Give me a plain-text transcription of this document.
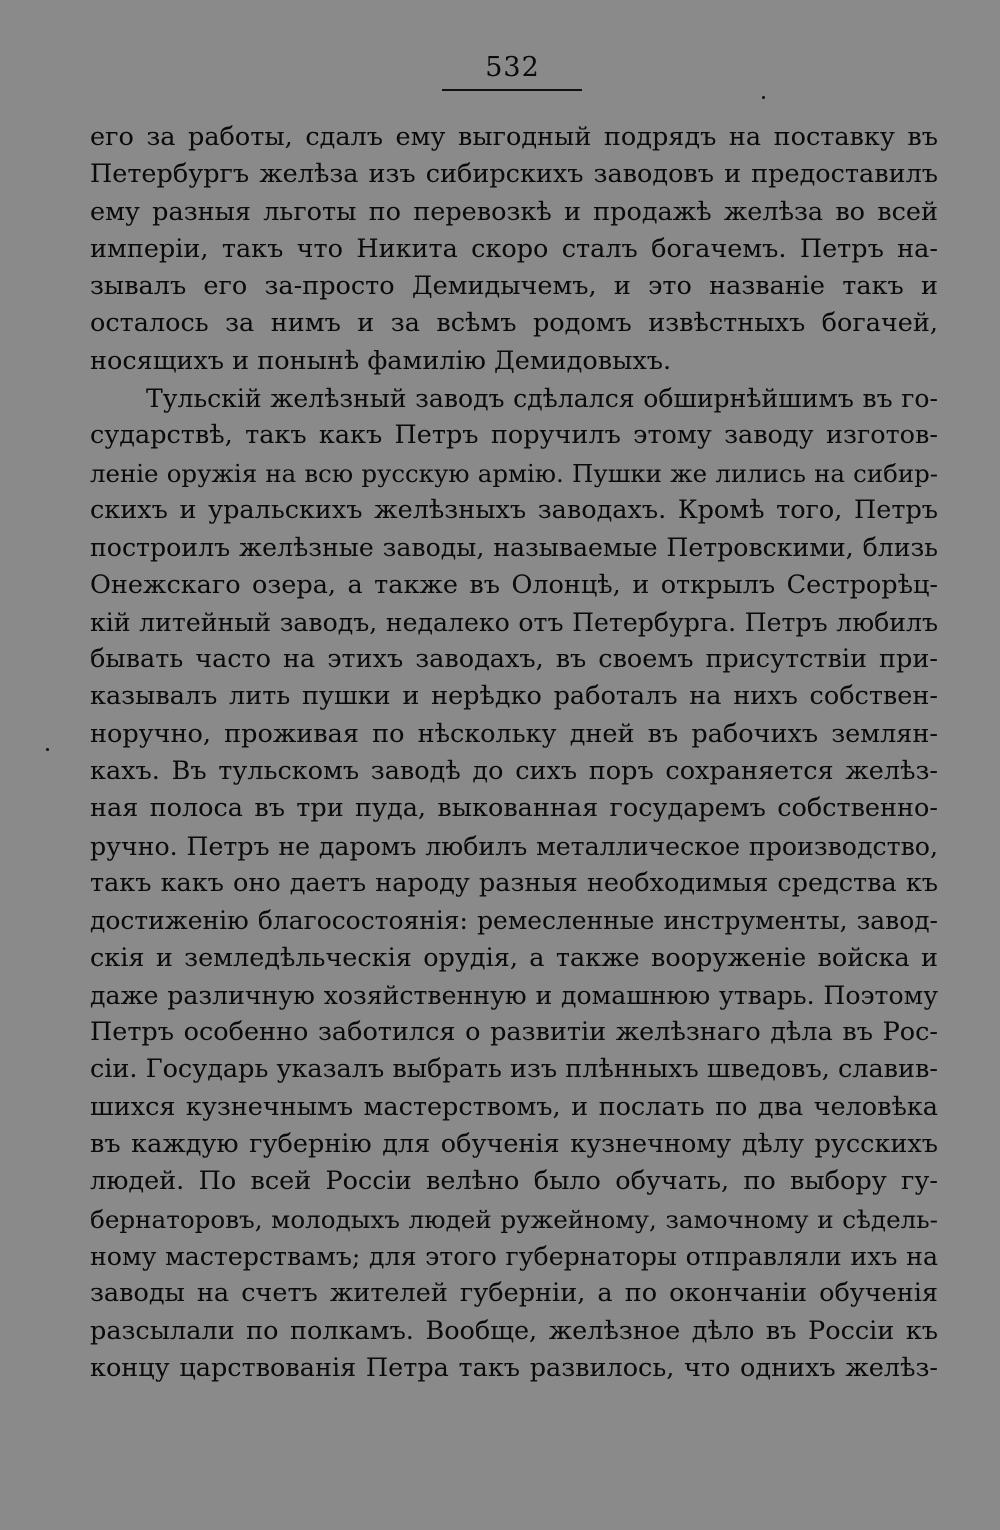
532
его за работы, сдалъ ему выгодный подрядъ на поставку въ
Петербургъ желѣза изъ сибирскихъ заводовъ и предоставилъ
ему разныя льготы по перевозкѣ и продажѣ желѣза во всей
имперіи, такъ что Никита скоро сталъ богачемъ. Петръ на-
зывалъ его за-просто Демидычемъ, и это названіе такъ и
осталось за нимъ и за всѣмъ родомъ извѣстныхъ богачей,
носящихъ и понынѣ фамилію Демидовыхъ.
Тульскій желѣзный заводъ сдѣлался обширнѣйшимъ въ го-
сударствѣ, такъ какъ Петръ поручилъ этому заводу изготов-
леніе оружія на всю русскую армію. Пушки же лились на сибир-
скихъ и уральскихъ желѣзныхъ заводахъ. Кромѣ того, Петръ
построилъ желѣзные заводы, называемые Петровскими, близь
Онежскаго озера, а также въ Олонцѣ, и открылъ Сестрорѣц-
кій литейный заводъ, недалеко отъ Петербурга. Петръ любилъ
бывать часто на этихъ заводахъ, въ своемъ присутствіи при-
казывалъ лить пушки и нерѣдко работалъ на нихъ собствен-
норучно, проживая по нѣскольку дней въ рабочихъ землян-
кахъ. Въ тульскомъ заводѣ до сихъ поръ сохраняется желѣз-
ная полоса въ три пуда, выкованная государемъ собственно-
ручно. Петръ не даромъ любилъ металлическое производство,
такъ какъ оно даетъ народу разныя необходимыя средства къ
достиженію благосостоянія: ремесленные инструменты, завод-
скія и земледѣльческія орудія, а также вооруженіе войска и
даже различную хозяйственную и домашнюю утварь. Поэтому
Петръ особенно заботился о развитіи желѣзнаго дѣла въ Рос-
сіи. Государь указалъ выбрать изъ плѣнныхъ шведовъ, славив-
шихся кузнечнымъ мастерствомъ, и послать по два человѣка
въ каждую губернію для обученія кузнечному дѣлу русскихъ
людей. По всей Россіи велѣно было обучать, по выбору гу-
бернаторовъ, молодыхъ людей ружейному, замочному и сѣдель-
ному мастерствамъ; для этого губернаторы отправляли ихъ на
заводы на счетъ жителей губерніи, а по окончаніи обученія
разсылали по полкамъ. Вообще, желѣзное дѣло въ Россіи къ
концу царствованія Петра такъ развилось, что однихъ желѣз-
